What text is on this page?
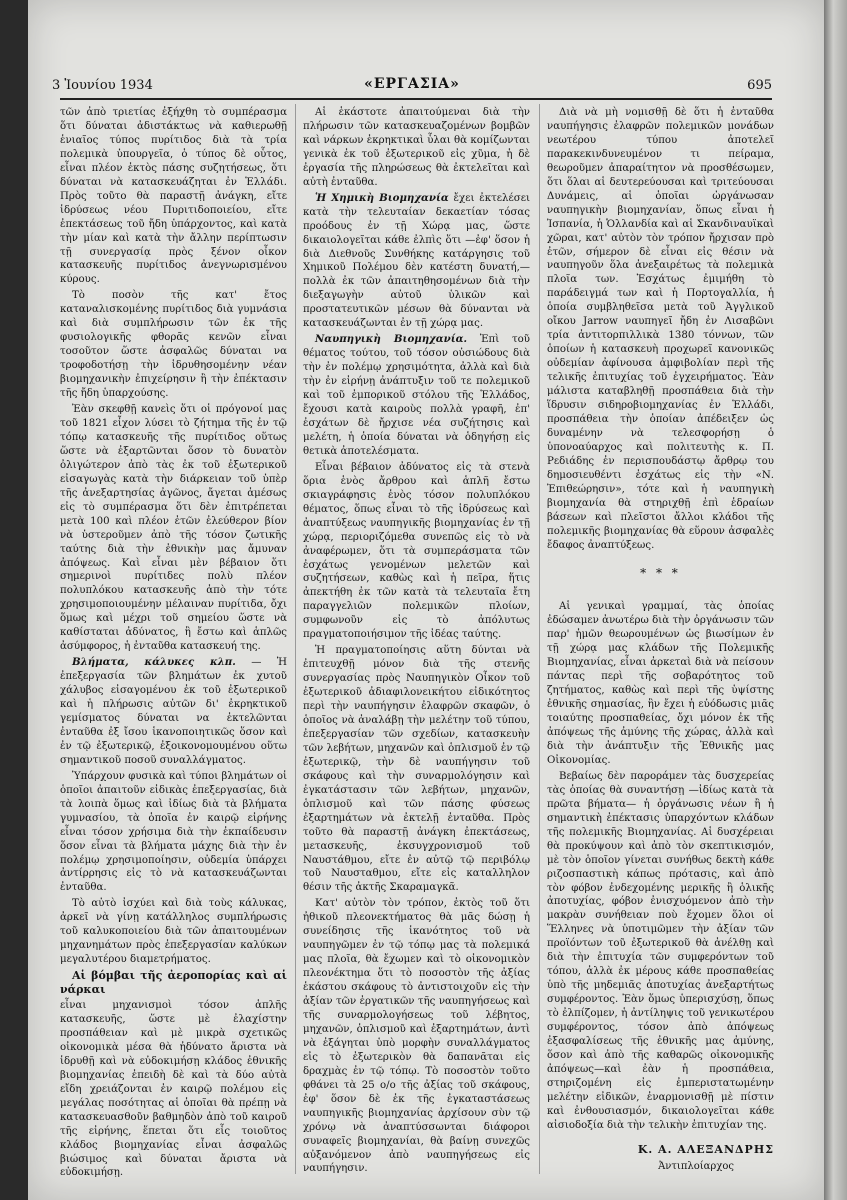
3 Ἰουνίου 1934	«ΕΡΓΑΣΙΑ»	695

τῶν ἀπὸ τριετίας ἐξήχθη τὸ συμπέρασμα ὅτι δύναται ἀδιστάκτως νὰ καθιερωθῇ ἑνιαῖος τύπος πυρίτιδος διὰ τὰ τρία πολεμικὰ ὑπουργεῖα, ὁ τύπος δὲ οὗτος, εἶναι πλέον ἐκτὸς πάσης συζητήσεως, ὅτι δύναται νὰ κατασκευάζηται ἐν Ἑλλάδι. Πρὸς τοῦτο θὰ παραστῇ ἀνάγκη, εἴτε ἱδρύσεως νέου Πυριτιδοποιείου, εἴτε ἐπεκτάσεως τοῦ ἤδη ὑπάρχοντος, καὶ κατὰ τὴν μίαν καὶ κατὰ τὴν ἄλλην περίπτωσιν τῇ συνεργασίᾳ πρὸς ξένον οἶκον κατασκευῆς πυρίτιδος ἀνεγνωρισμένου κύρους.

Τὸ ποσὸν τῆς κατ' ἔτος καταναλισκομένης πυρίτιδος διὰ γυμνάσια καὶ διὰ συμπλήρωσιν τῶν ἐκ τῆς φυσιολογικῆς φθορᾶς κενῶν εἶναι τοσοῦτον ὥστε ἀσφαλῶς δύναται να τροφοδοτήσῃ τὴν ἱδρυθησομένην νέαν βιομηχανικὴν ἐπιχείρησιν ἢ τὴν ἐπέκτασιν τῆς ἤδη ὑπαρχούσης.

Ἐὰν σκεφθῇ κανεὶς ὅτι οἱ πρόγονοί μας τοῦ 1821 εἶχον λύσει τὸ ζήτημα τῆς ἐν τῷ τόπῳ κατασκευῆς τῆς πυρίτιδος οὕτως ὥστε νὰ ἐξαρτῶνται ὅσον τὸ δυνατὸν ὀλιγώτερον ἀπὸ τὰς ἐκ τοῦ ἐξωτερικοῦ εἰσαγωγὰς κατὰ τὴν διάρκειαν τοῦ ὑπὲρ τῆς ἀνεξαρτησίας ἀγῶνος, ἄγεται ἀμέσως εἰς τὸ συμπέρασμα ὅτι δὲν ἐπιτρέπεται μετὰ 100 καὶ πλέον ἐτῶν ἐλεύθερον βίον νὰ ὑστεροῦμεν ἀπὸ τῆς τόσον ζωτικῆς ταύτης διὰ τὴν ἐθνικὴν μας ἄμυναν ἀπόψεως. Καὶ εἶναι μὲν βέβαιον ὅτι σημερινοὶ πυρίτιδες πολὺ πλέον πολυπλόκου κατασκευῆς ἀπὸ τὴν τότε χρησιμοποιουμένην μέλαιναν πυρίτιδα, ὄχι ὅμως καὶ μέχρι τοῦ σημείου ὥστε νὰ καθίσταται ἀδύνατος, ἢ ἔστω καὶ ἁπλῶς ἀσύμφορος, ἡ ἐνταῦθα κατασκευή της.

Βλήματα, κάλυκες κλπ. — Ἡ ἐπεξεργασία τῶν βλημάτων ἐκ χυτοῦ χάλυβος εἰσαγομένου ἐκ τοῦ ἐξωτερικοῦ καὶ ἡ πλήρωσις αὐτῶν δι' ἐκρηκτικοῦ γεμίσματος δύναται να ἐκτελῶνται ἐνταῦθα ἐξ ἴσου ἱκανοποιητικῶς ὅσον καὶ ἐν τῷ ἐξωτερικῷ, ἐξοικονομουμένου οὕτω σημαντικοῦ ποσοῦ συναλλάγματος.

Ὑπάρχουν φυσικὰ καὶ τύποι βλημάτων οἱ ὁποῖοι ἀπαιτοῦν εἰδικὰς ἐπεξεργασίας, διὰ τὰ λοιπὰ ὅμως καὶ ἰδίως διὰ τὰ βλήματα γυμνασίου, τὰ ὁποῖα ἐν καιρῷ εἰρήνης εἶναι τόσον χρήσιμα διὰ τὴν ἐκπαίδευσιν ὅσον εἶναι τὰ βλήματα μάχης διὰ τὴν ἐν πολέμῳ χρησιμοποίησιν, οὐδεμία ὑπάρχει ἀντίρρησις εἰς τὸ νὰ κατασκευάζωνται ἐνταῦθα.

Τὸ αὐτὸ ἰσχύει καὶ διὰ τοὺς κάλυκας, ἀρκεῖ νὰ γίνῃ κατάλληλος συμπλήρωσις τοῦ καλυκοποιείου διὰ τῶν ἀπαιτουμένων μηχανημάτων πρὸς ἐπεξεργασίαν καλύκων μεγαλυτέρου διαμετρήματος.

Αἱ βόμβαι τῆς ἀεροπορίας καὶ αἱ νάρκαι

εἶναι μηχανισμοὶ τόσον ἁπλῆς κατασκευῆς, ὥστε μὲ ἐλαχίστην προσπάθειαν καὶ μὲ μικρὰ σχετικῶς οἰκονομικὰ μέσα θὰ ἠδύνατο ἄριστα νὰ ἱδρυθῇ καὶ νὰ εὐδοκιμήσῃ κλάδος ἐθνικῆς βιομηχανίας ἐπειδὴ δὲ καὶ τὰ δύο αὐτὰ εἴδη χρειάζονται ἐν καιρῷ πολέμου εἰς μεγάλας ποσότητας αἱ ὁποῖαι θὰ πρέπῃ νὰ κατασκευασθοῦν βαθμηδὸν ἀπὸ τοῦ καιροῦ τῆς εἰρήνης, ἕπεται ὅτι εἷς τοιοῦτος κλάδος βιομηχανίας εἶναι ἀσφαλῶς βιώσιμος καὶ δύναται ἄριστα νὰ εὐδοκιμήσῃ.

Αἱ ἑκάστοτε ἀπαιτούμεναι διὰ τὴν πλήρωσιν τῶν κατασκευαζομένων βομβῶν καὶ νάρκων ἐκρηκτικαὶ ὗλαι θὰ κομίζωνται γενικὰ ἐκ τοῦ ἐξωτερικοῦ εἰς χῦμα, ἡ δὲ ἐργασία τῆς πληρώσεως θὰ ἐκτελεῖται καὶ αὐτὴ ἐνταῦθα.

Ἡ Χημικὴ Βιομηχανία ἔχει ἐκτελέσει κατὰ τὴν τελευταίαν δεκαετίαν τόσας προόδους ἐν τῇ Χώρᾳ μας, ὥστε δικαιολογεῖται κάθε ἐλπὶς ὅτι —ἐφ' ὅσον ἡ διὰ Διεθνοῦς Συνθήκης κατάργησις τοῦ Χημικοῦ Πολέμου δὲν κατέστη δυνατή,— πολλὰ ἐκ τῶν ἀπαιτηθησομένων διὰ τὴν διεξαγωγὴν αὐτοῦ ὑλικῶν καὶ προστατευτικῶν μέσων θὰ δύνανται νὰ κατασκευάζωνται ἐν τῇ χώρᾳ μας.

Ναυπηγικὴ Βιομηχανία. Ἐπὶ τοῦ θέματος τούτου, τοῦ τόσον οὐσιώδους διὰ τὴν ἐν πολέμῳ χρησιμότητα, ἀλλὰ καὶ διὰ τὴν ἐν εἰρήνῃ ἀνάπτυξιν τοῦ τε πολεμικοῦ καὶ τοῦ ἐμπορικοῦ στόλου τῆς Ἑλλάδος, ἔχουσι κατὰ καιροὺς πολλὰ γραφῆ, ἐπ' ἐσχάτων δὲ ἤρχισε νέα συζήτησις καὶ μελέτη, ἡ ὁποία δύναται νὰ ὁδηγήσῃ εἰς θετικὰ ἀποτελέσματα.

Εἶναι βέβαιον ἀδύνατος εἰς τὰ στενὰ ὅρια ἑνὸς ἄρθρου καὶ ἁπλῆ ἔστω σκιαγράφησις ἑνὸς τόσον πολυπλόκου θέματος, ὅπως εἶναι τὸ τῆς ἱδρύσεως καὶ ἀναπτύξεως ναυπηγικῆς βιομηχανίας ἐν τῇ χώρᾳ, περιοριζόμεθα συνεπῶς εἰς τὸ νὰ ἀναφέρωμεν, ὅτι τὰ συμπεράσματα τῶν ἐσχάτως γενομένων μελετῶν καὶ συζητήσεων, καθὼς καὶ ἡ πεῖρα, ἥτις ἀπεκτήθη ἐκ τῶν κατὰ τὰ τελευταῖα ἔτη παραγγελιῶν πολεμικῶν πλοίων, συμφωνοῦν εἰς τὸ ἀπόλυτως πραγματοποιήσιμον τῆς ἰδέας ταύτης.

Ἡ πραγματοποίησις αὕτη δύνται νὰ ἐπιτευχθῇ μόνον διὰ τῆς στενῆς συνεργασίας πρὸς Ναυπηγικὸν Οἶκον τοῦ ἐξωτερικοῦ ἀδιαφιλονεικήτου εἰδικότητος περὶ τὴν ναυπήγησιν ἐλαφρῶν σκαφῶν, ὁ ὁποῖος νὰ ἀναλάβῃ τὴν μελέτην τοῦ τύπου, ἐπεξεργασίαν τῶν σχεδίων, κατασκευὴν τῶν λεβήτων, μηχανῶν καὶ ὁπλισμοῦ ἐν τῷ ἐξωτερικῷ, τὴν δὲ ναυπήγησιν τοῦ σκάφους καὶ τὴν συναρμολόγησιν καὶ ἐγκατάστασιν τῶν λεβήτων, μηχανῶν, ὁπλισμοῦ καὶ τῶν πάσης φύσεως ἐξαρτημάτων νὰ ἐκτελῇ ἐνταῦθα. Πρὸς τοῦτο θὰ παραστῇ ἀνάγκη ἐπεκτάσεως, μετασκευῆς, ἐκσυγχρονισμοῦ τοῦ Ναυστάθμου, εἴτε ἐν αὐτῷ τῷ περιβόλῳ τοῦ Ναυσταθμου, εἴτε εἰς καταλληλον θέσιν τῆς ἀκτῆς Σκαραμαγκᾶ.

Κατ' αὐτὸν τὸν τρόπον, ἐκτὸς τοῦ ὅτι ἠθικοῦ πλεονεκτήματος θὰ μᾶς δώσῃ ἡ συνείδησις τῆς ἱκανότητος τοῦ νὰ ναυπηγῶμεν ἐν τῷ τόπῳ μας τὰ πολεμικά μας πλοῖα, θὰ ἔχωμεν καὶ τὸ οἰκονομικὸν πλεονέκτημα ὅτι τὸ ποσοστὸν τῆς ἀξίας ἑκάστου σκάφους τὸ ἀντιστοιχοῦν εἰς τὴν ἀξίαν τῶν ἐργατικῶν τῆς ναυπηγήσεως καὶ τῆς συναρμολογήσεως τοῦ λέβητος, μηχανῶν, ὁπλισμοῦ καὶ ἐξαρτημάτων, ἀντὶ νὰ ἐξάγηται ὑπὸ μορφὴν συναλλάγματος εἰς τὸ ἐξωτερικὸν θὰ δαπανᾶται εἰς δραχμὰς ἐν τῷ τόπῳ. Τὸ ποσοστὸν τοῦτο φθάνει τὰ 25 ο/ο τῆς ἀξίας τοῦ σκάφους, ἐφ' ὅσον δὲ ἐκ τῆς ἐγκαταστάσεως ναυπηγικῆς βιομηχανίας ἀρχίσουν σὺν τῷ χρόνῳ νὰ ἀναπτύσσωνται διάφοροι συναφεῖς βιομηχανίαι, θὰ βαίνῃ συνεχῶς αὐξανόμενον ἀπὸ ναυπηγήσεως εἰς ναυπήγησιν.

Διὰ νὰ μὴ νομισθῇ δὲ ὅτι ἡ ἐνταῦθα ναυπήγησις ἐλαφρῶν πολεμικῶν μονάδων νεωτέρου τύπου ἀποτελεῖ παρακεκινδυνευμένον τι πείραμα, θεωροῦμεν ἀπαραίτητον νὰ προσθέσωμεν, ὅτι ὅλαι αἱ δευτερεύουσαι καὶ τριτεύουσαι Δυνάμεις, αἱ ὁποῖαι ὠργάνωσαν ναυπηγικὴν βιομηχανίαν, ὅπως εἶναι ἡ Ἰσπανία, ἡ Ὁλλανδία καὶ αἱ Σκανδιναυϊκαὶ χῶραι, κατ' αὐτὸν τὸν τρόπον ἤρχισαν πρὸ ἐτῶν, σήμερον δὲ εἶναι εἰς θέσιν νὰ ναυπηγοῦν ὅλα ἀνεξαιρέτως τὰ πολεμικὰ πλοῖα των. Ἐσχάτως ἐμιμήθη τὸ παράδειγμά των καὶ ἡ Πορτογαλλία, ἡ ὁποία συμβληθεῖσα μετὰ τοῦ Ἀγγλικοῦ οἴκου Jarrow ναυπηγεῖ ἤδη ἐν Λισαβῶνι τρία ἀντιτορπιλλικὰ 1380 τόννων, τῶν ὁποίων ἡ κατασκευὴ προχωρεῖ κανονικῶς οὐδεμίαν ἀφίνουσα ἀμφιβολίαν περὶ τῆς τελικῆς ἐπιτυχίας τοῦ ἐγχειρήματος. Ἐὰν μάλιστα καταβληθῇ προσπάθεια διὰ τὴν ἵδρυσιν σιδηροβιομηχανίας ἐν Ἑλλάδι, προσπάθεια τὴν ὁποίαν ἀπέδειξεν ὡς δυναμένην νὰ τελεσφορήσῃ ὁ ὑπονοαύαρχος καὶ πολιτευτὴς κ. Π. Ρεδιάδης ἐν περισπουδάστῳ ἄρθρῳ του δημοσιευθέντι ἐσχάτως εἰς τὴν «Ν. Ἐπιθεώρησιν», τότε καὶ ἡ ναυπηγικὴ βιομηχανία θὰ στηριχθῇ ἐπὶ ἑδραίων βάσεων καὶ πλεῖστοι ἄλλοι κλάδοι τῆς πολεμικῆς βιομηχανίας θὰ εὕρουν ἀσφαλὲς ἔδαφος ἀναπτύξεως.

* * *

Αἱ γενικαὶ γραμμαί, τὰς ὁποίας ἐδώσαμεν ἀνωτέρω διὰ τὴν ὀργάνωσιν τῶν παρ' ἡμῶν θεωρουμένων ὡς βιωσίμων ἐν τῇ χώρᾳ μας κλάδων τῆς Πολεμικῆς Βιομηχανίας, εἶναι ἀρκεταὶ διὰ νὰ πείσουν πάντας περὶ τῆς σοβαρότητος τοῦ ζητήματος, καθὼς καὶ περὶ τῆς ὑψίστης ἐθνικῆς σημασίας, ἣν ἔχει ἡ εὐόδωσις μιᾶς τοιαύτης προσπαθείας, ὄχι μόνον ἐκ τῆς ἀπόψεως τῆς ἀμύνης τῆς χώρας, ἀλλὰ καὶ διὰ τὴν ἀνάπτυξιν τῆς Ἐθνικῆς μας Οἰκονομίας.

Βεβαίως δὲν παροράμεν τὰς δυσχερείας τὰς ὁποίας θὰ συναντήσῃ —ἰδίως κατὰ τὰ πρῶτα βήματα— ἡ ὀργάνωσις νέων ἢ ἡ σημαντικὴ ἐπέκτασις ὑπαρχόντων κλάδων τῆς πολεμικῆς Βιομηχανίας. Αἱ δυσχέρειαι θὰ προκύψουν καὶ ἀπὸ τὸν σκεπτικισμόν, μὲ τὸν ὁποῖον γίνεται συνήθως δεκτὴ κάθε ριζοσπαστικὴ κάπως πρότασις, καὶ ἀπὸ τὸν φόβον ἐνδεχομένης μερικῆς ἢ ὁλικῆς ἀποτυχίας, φόβον ἐνισχυόμενον ἀπὸ τὴν μακρὰν συνήθειαν ποὺ ἔχομεν ὅλοι οἱ Ἕλληνες νὰ ὑποτιμῶμεν τὴν ἀξίαν τῶν προϊόντων τοῦ ἐξωτερικοῦ θὰ ἀνέλθῃ καὶ διὰ τὴν ἐπιτυχία τῶν συμφερόντων τοῦ τόπου, ἀλλὰ ἐκ μέρους κάθε προσπαθείας ὑπὸ τῆς μηδεμιᾶς ἀποτυχίας ἀνεξαρτήτως συμφέροντος. Ἐὰν ὅμως ὑπερισχύσῃ, ὅπως τὸ ἐλπίζομεν, ἡ ἀντίληψις τοῦ γενικωτέρου συμφέροντος, τόσον ἀπὸ ἀπόψεως ἐξασφαλίσεως τῆς ἐθνικῆς μας ἀμύνης, ὅσον καὶ ἀπὸ τῆς καθαρῶς οἰκονομικῆς ἀπόψεως—καὶ ἐὰν ἡ προσπάθεια, στηριζομένη εἰς ἐμπεριστατωμένην μελέτην εἰδικῶν, ἐναρμονισθῇ μὲ πίστιν καὶ ἐνθουσιασμόν, δικαιολογεῖται κάθε αἰσιοδοξία διὰ τὴν τελικὴν ἐπιτυχίαν της.

Κ. Α. ΑΛΕΞΑΝΔΡΗΣ
Ἀντιπλοίαρχος
